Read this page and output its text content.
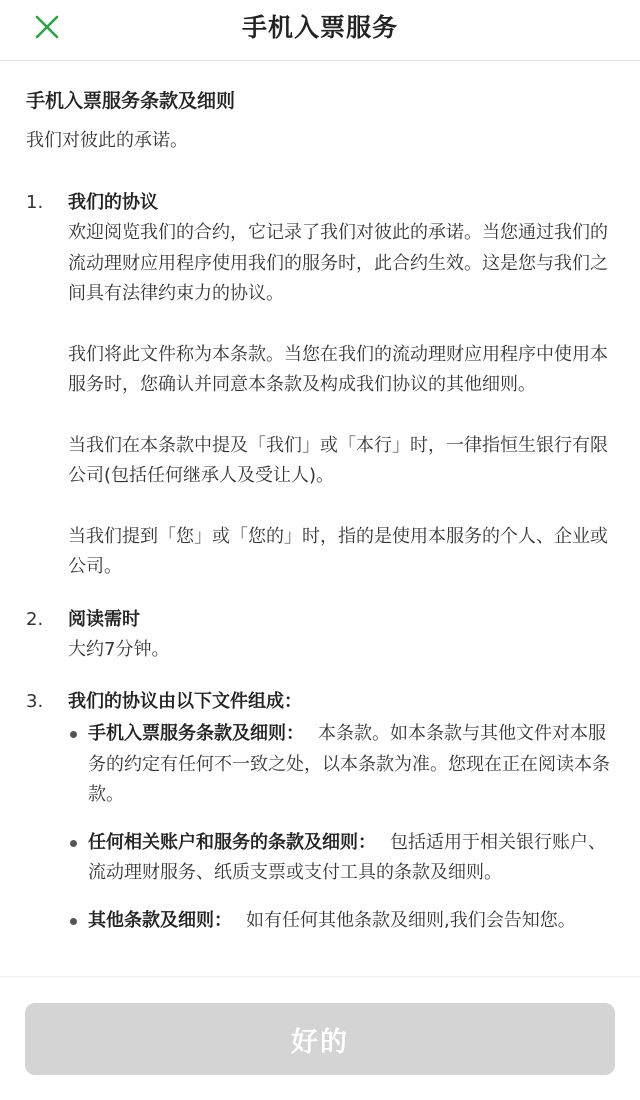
手机入票服务
手机入票服务条款及细则
我们对彼此的承诺。
1. 我们的协议
欢迎阅览我们的合约，它记录了我们对彼此的承诺。当您通过我们的流动理财应用程序使用我们的服务时，此合约生效。这是您与我们之间具有法律约束力的协议。
我们将此文件称为本条款。当您在我们的流动理财应用程序中使用本服务时，您确认并同意本条款及构成我们协议的其他细则。
当我们在本条款中提及「我们」或「本行」时，一律指恒生银行有限公司(包括任何继承人及受让人)。
当我们提到「您」或「您的」时，指的是使用本服务的个人、企业或公司。
2. 阅读需时
大约7分钟。
3. 我们的协议由以下文件组成：
手机入票服务条款及细则： 本条款。如本条款与其他文件对本服务的约定有任何不一致之处，以本条款为准。您现在正在阅读本条款。
任何相关账户和服务的条款及细则： 包括适用于相关银行账户、流动理财服务、纸质支票或支付工具的条款及细则。
其他条款及细则： 如有任何其他条款及细则,我们会告知您。
好的
